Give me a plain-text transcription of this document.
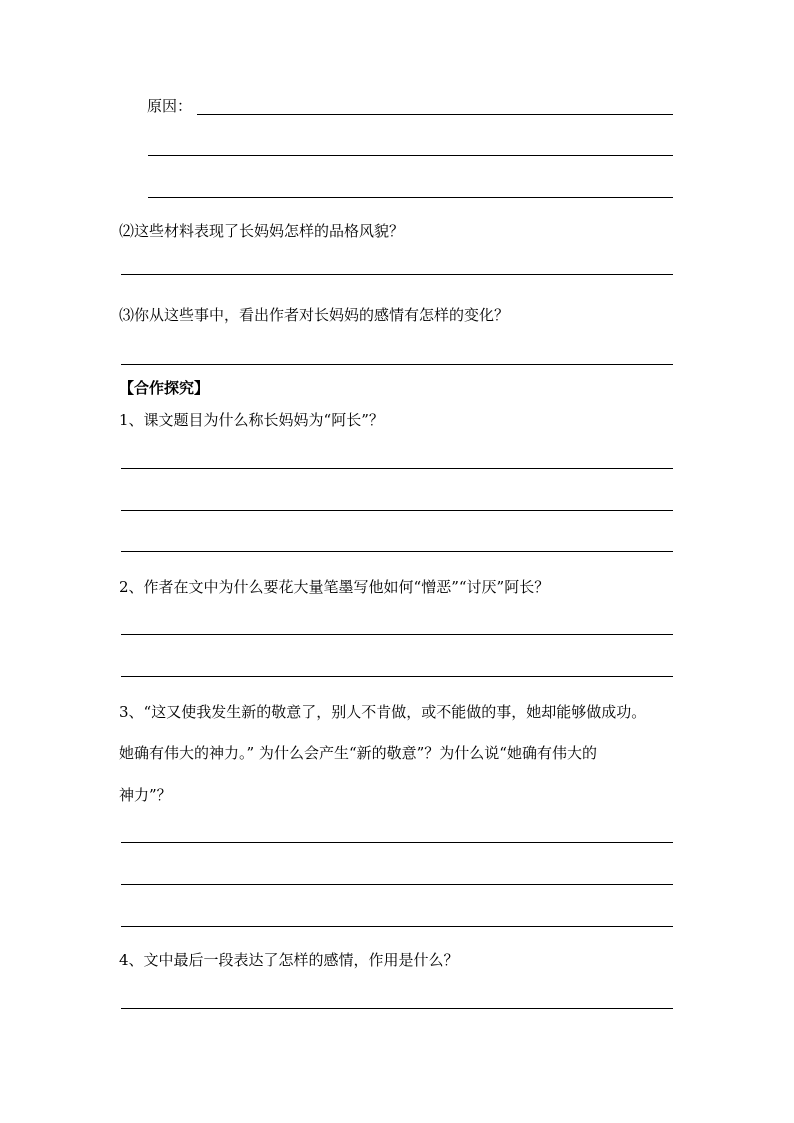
原因：
⑵这些材料表现了长妈妈怎样的品格风貌？
⑶你从这些事中，看出作者对长妈妈的感情有怎样的变化？
【合作探究】
1、课文题目为什么称长妈妈为“阿长”？
2、作者在文中为什么要花大量笔墨写他如何“憎恶”“讨厌”阿长？
3、“这又使我发生新的敬意了，别人不肯做，或不能做的事，她却能够做成功。
她确有伟大的神力。” 为什么会产生“新的敬意”？为什么说“她确有伟大的
神力”？
4、文中最后一段表达了怎样的感情，作用是什么？
